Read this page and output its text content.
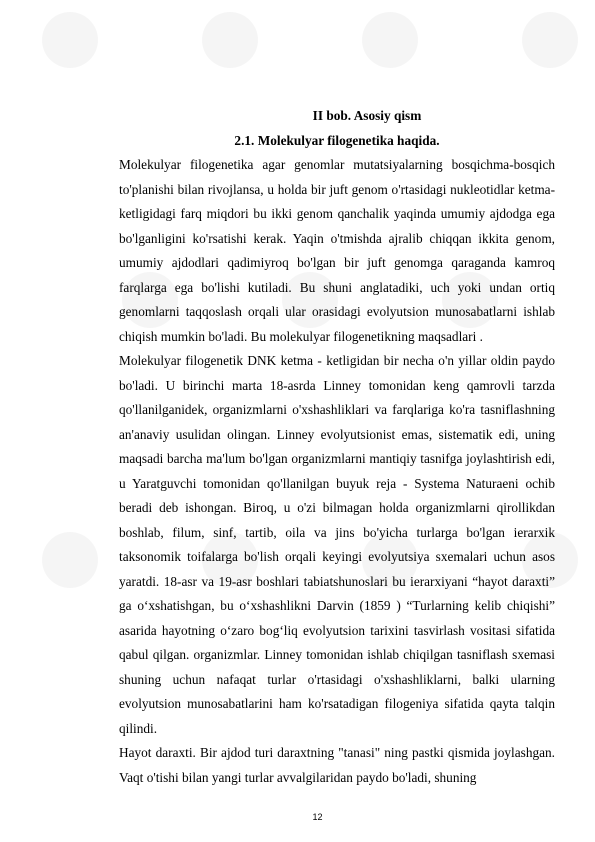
II bob. Asosiy qism

2.1. Molekulyar filogenetika haqida.

Molekulyar filogenetika agar genomlar mutatsiyalarning bosqichma-bosqich to'planishi bilan rivojlansa, u holda bir juft genom o'rtasidagi nukleotidlar ketma-ketligidagi farq miqdori bu ikki genom qanchalik yaqinda umumiy ajdodga ega bo'lganligini ko'rsatishi kerak. Yaqin o'tmishda ajralib chiqqan ikkita genom, umumiy ajdodlari qadimiyroq bo'lgan bir juft genomga qaraganda kamroq farqlarga ega bo'lishi kutiladi. Bu shuni anglatadiki, uch yoki undan ortiq genomlarni taqqoslash orqali ular orasidagi evolyutsion munosabatlarni ishlab chiqish mumkin bo'ladi. Bu molekulyar filogenetikning maqsadlari .

Molekulyar filogenetik DNK ketma - ketligidan bir necha o'n yillar oldin paydo bo'ladi. U birinchi marta 18-asrda Linney tomonidan keng qamrovli tarzda qo'llanilganidek, organizmlarni o'xshashliklari va farqlariga ko'ra tasniflashning an'anaviy usulidan olingan. Linney evolyutsionist emas, sistematik edi, uning maqsadi barcha ma'lum bo'lgan organizmlarni mantiqiy tasnifga joylashtirish edi, u Yaratguvchi tomonidan qo'llanilgan buyuk reja - Systema Naturaeni ochib beradi deb ishongan. Biroq, u o'zi bilmagan holda organizmlarni qirollikdan boshlab, filum, sinf, tartib, oila va jins bo'yicha turlarga bo'lgan ierarxik taksonomik toifalarga bo'lish orqali keyingi evolyutsiya sxemalari uchun asos yaratdi. 18-asr va 19-asr boshlari tabiatshunoslari bu ierarxiyani “hayot daraxti” ga o‘xshatishgan, bu o‘xshashlikni Darvin (1859 ) “Turlarning kelib chiqishi” asarida hayotning o‘zaro bog‘liq evolyutsion tarixini tasvirlash vositasi sifatida qabul qilgan. organizmlar. Linney tomonidan ishlab chiqilgan tasniflash sxemasi shuning uchun nafaqat turlar o'rtasidagi o'xshashliklarni, balki ularning evolyutsion munosabatlarini ham ko'rsatadigan filogeniya sifatida qayta talqin qilindi.

Hayot daraxti. Bir ajdod turi daraxtning "tanasi" ning pastki qismida joylashgan. Vaqt o'tishi bilan yangi turlar avvalgilaridan paydo bo'ladi, shuning

12
